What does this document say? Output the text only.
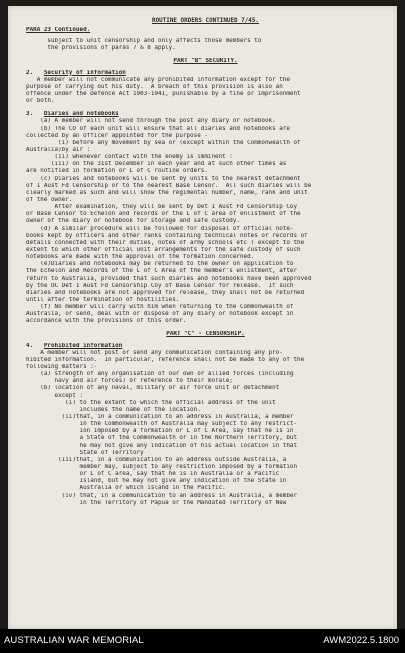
ROUTINE ORDERS CONTINUED 7/45.
PARA 23 Continued.
subject to unit censorship and only affects those members to
the provisions of paras 7 & 8 apply.
PART "B" SECURITY.
2. Security of information
A member will not communicate any prohibited information except for the
purpose of carrying out his duty.  A breach of this provision is also an
offence under the Defence Act 1903-1941, punishable by a fine or imprisonment
or both.
3. Diaries and notebooks
(a) A member will not send through the post any diary or notebook.
(b) The CO of each unit will ensure that all diaries and notebooks are
collected by an officer appointed for the purpose -
(i) before any movement by sea or (except within the Commonwealth of
Australia)by air :
(ii) whenever contact with the enemy is imminent :
(iii) on the 31st December in each year and at such other times as
are notified in formation or L of C routine orders.
(c) Diaries and notebooks will be sent by units to the nearest detachment
of 1 Aust Fd Censorship or to the nearest Base Censor.  All such diaries will be
clearly marked as such and will show the regimental number, name, rank and unit
of the owner.
After examination, they will be sent by Det 1 Aust Fd Censorship Coy
or Base Censor to Echelon and records or the L of C area of enlistment of the
owner of the diary or notebook for storage and safe custody.
(d) A similar procedure will be followed for disposal of official note-
books kept by officers and other ranks containing technical notes or records of
details connected with their duties, notes of army schools etc ( except to the
extent to which other official unit arrangements for the safe custody of such
notebooks are made with the approval of the formation concerned.
(e)Diaries and notebooks may be returned to the owner on application to
the Echelon and Records of the L of C Area of the member's enlistment, after
return to Australia, provided that such diaries and notebooks have been approved
by the OC Det 1 Aust Fd Censorship Coy of Base Censor for release.  If such
diaries and notebooks are not approved for release, they shall not be returned
until after the termination of hostilities.
(f) No member will carry with him when returning to the Commonwealth of
Australia, or send, deal with or dispose of any diary or notebook except in
accordance with the provisions of this order.
PART "C" - CENSORSHIP.
4. Prohibited information
A member will not post or send any communication containing any pro-
hibited information.  In particular, reference shall not be made to any of the
following matters :-
(a) strength of any organisation of our own or allied forces (including
navy and air forces) or reference to their morale;
(b) location of any naval, military or air force unit or detachment
except :
(i) to the extent to which the official address of the unit
includes the name of the location.
(ii)that, in a communication to an address in Australia, a member
in the Commonwealth of Australia may subject to any restrict-
ion imposed by a formation or L of C Area, say that he is in
a State of the Commonwealth or in the Northern Territory, but
he may not give any indication of his actual location in that
State of Territory
(iii)that, in a communication to an address outside Australia, a
member may, subject to any restriction imposed by a formation
or L of C area, say that he is in Australia or a Pacific
Island, but he may not give any indication of the State in
Australia or which island in the Pacific.
(iv) that, in a communication to an address in Australia, a member
in the Territory of Papua or the Mandated Territory of New
AUSTRALIAN WAR MEMORIAL	AWM2022.5.1800
